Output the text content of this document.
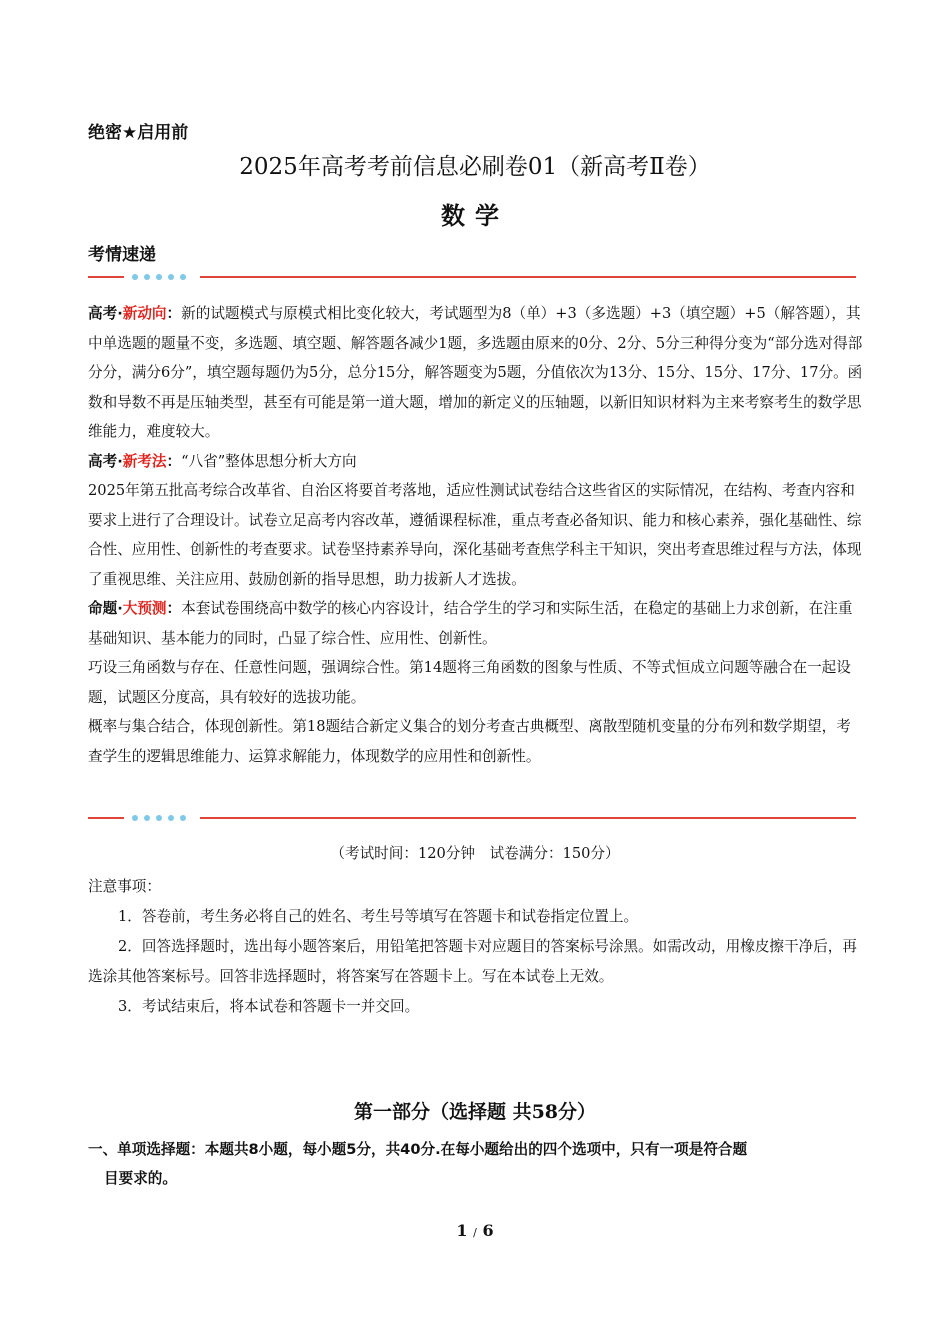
绝密★启用前
2025年高考考前信息必刷卷01（新高考Ⅱ卷）
数学
考情速递

高考·新动向：新的试题模式与原模式相比变化较大，考试题型为8（单）+3（多选题）+3（填空题）+5（解答题），其中单选题的题量不变，多选题、填空题、解答题各减少1题，多选题由原来的0分、2分、5分三种得分变为“部分选对得部分分，满分6分”，填空题每题仍为5分，总分15分，解答题变为5题，分值依次为13分、15分、15分、17分、17分。函数和导数不再是压轴类型，甚至有可能是第一道大题，增加的新定义的压轴题，以新旧知识材料为主来考察考生的数学思维能力，难度较大。

高考·新考法：“八省”整体思想分析大方向

2025年第五批高考综合改革省、自治区将要首考落地，适应性测试试卷结合这些省区的实际情况，在结构、考查内容和要求上进行了合理设计。试卷立足高考内容改革，遵循课程标准，重点考查必备知识、能力和核心素养，强化基础性、综合性、应用性、创新性的考查要求。试卷坚持素养导向，深化基础考查焦学科主干知识，突出考查思维过程与方法，体现了重视思维、关注应用、鼓励创新的指导思想，助力拔新人才选拔。

命题·大预测：本套试卷围绕高中数学的核心内容设计，结合学生的学习和实际生活，在稳定的基础上力求创新，在注重基础知识、基本能力的同时，凸显了综合性、应用性、创新性。

巧设三角函数与存在、任意性问题，强调综合性。第14题将三角函数的图象与性质、不等式恒成立问题等融合在一起设题，试题区分度高，具有较好的选拔功能。

概率与集合结合，体现创新性。第18题结合新定义集合的划分考查古典概型、离散型随机变量的分布列和数学期望，考查学生的逻辑思维能力、运算求解能力，体现数学的应用性和创新性。

（考试时间：120分钟　试卷满分：150分）

注意事项：

1．答卷前，考生务必将自己的姓名、考生号等填写在答题卡和试卷指定位置上。

2．回答选择题时，选出每小题答案后，用铅笔把答题卡对应题目的答案标号涂黑。如需改动，用橡皮擦干净后，再选涂其他答案标号。回答非选择题时，将答案写在答题卡上。写在本试卷上无效。

3．考试结束后，将本试卷和答题卡一并交回。

第一部分（选择题 共58分）

一、单项选择题：本题共8小题，每小题5分，共40分.在每小题给出的四个选项中，只有一项是符合题

目要求的。

1 / 6
